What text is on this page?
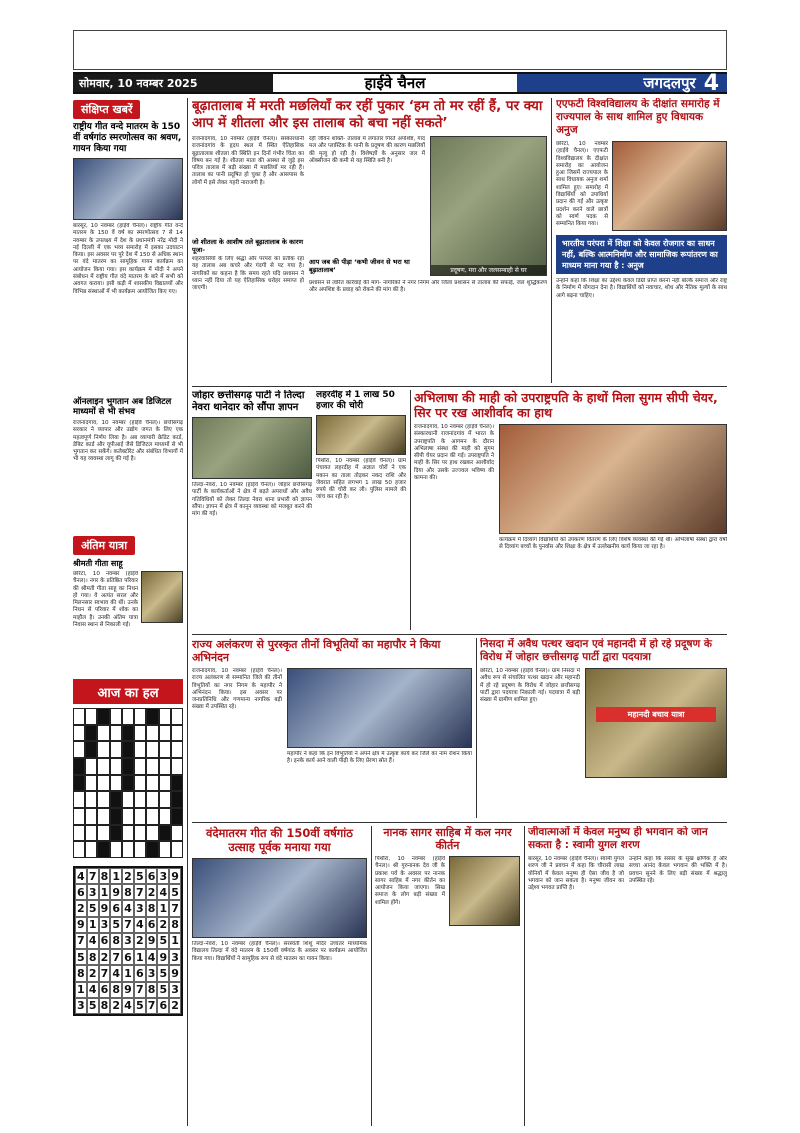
सोमवार, 10 नवम्बर 2025	हाईवे चैनल	जगदलपुर 4
संक्षिप्त खबरें
राष्ट्रीय गीत वन्दे मातरम के 150 वीं वर्षगांठ स्मरणोत्सव का श्रवण, गायन किया गया
बारसूर, 10 नवम्बर (हाईवे चैनल)। राष्ट्रीय गीत वन्दे मातरम के 150 वें वर्ष का स्मरणोत्सव 7 से 14 नवम्बर के उपलक्ष्य में देश के प्रधानमंत्री नरेंद्र मोदी ने नई दिल्ली में एक भव्य समारोह में इसका उदघाटन किया। इस अवसर पर पूरे देश में 150 से अधिक स्थान पर वंदे मातरम का सामूहिक गायन कार्यक्रम का आयोजन किया गया। इस कार्यक्रम में मोदी ने अपने संबोधन में राष्ट्रीय गीत वंदे मातरम के बारे में सभी को अवगत कराया। इसी कड़ी में शासकीय विद्यालयों और विभिन्न संस्थाओं में भी कार्यक्रम आयोजित किए गए।
ऑनलाइन भुगतान अब डिजिटल माध्यमों से भी संभव
राजनांदगांव, 10 नवम्बर (हाईवे चैनल)। छत्तीसगढ़ सरकार ने व्यापार और उद्योग जगत के लिए एक महत्वपूर्ण निर्णय लिया है। अब व्यापारी क्रेडिट कार्ड, डेबिट कार्ड और यूपीआई जैसे डिजिटल माध्यमों से भी भुगतान कर सकेंगे। कलेक्टोरेट और संबंधित विभागों में भी यह व्यवस्था लागू की गई है।
अंतिम यात्रा
श्रीमती गीता साहू
छरिटा, 10 नवम्बर (हाईवे चैनल)। नगर के प्रतिष्ठित परिवार की श्रीमती गीता साहू का निधन हो गया। वे अत्यंत सरल और मिलनसार स्वभाव की थीं। उनके निधन से परिवार में शोक का माहौल है। उनकी अंतिम यात्रा निवास स्थान से निकाली गई।
आज का हल
4 7 8 1 2 5 6 3 9
6 3 1 9 8 7 2 4 5
2 5 9 6 4 3 8 1 7
9 1 3 5 7 4 6 2 8
7 4 6 8 3 2 9 5 1
5 8 2 7 6 1 4 9 3
8 2 7 4 1 6 3 5 9
1 4 6 8 9 7 8 5 3
3 5 8 2 4 5 7 6 2
बूढ़ातालाब में मरती मछलियाँ कर रहीं पुकार ‘हम तो मर रहीं हैं, पर क्या आप में शीतला और इस तालाब को बचा नहीं सकते’
राजनांदगांव, 10 नवम्बर (हाईवे चैनल)। संस्कारधानी राजनांदगांव के हृदय स्थल में स्थित ऐतिहासिक बूढ़ातालाब शीतला की स्थिति इन दिनों गंभीर चिंता का विषय बन गई है। शीतला माता की आस्था से जुड़े इस पवित्र तालाब में बड़ी संख्या में मछलियाँ मर रही हैं। तालाब का पानी प्रदूषित हो चुका है और आसपास के लोगों में इसे लेकर गहरी नाराजगी है।
जो शीतला के आशीष तले बूढ़ातालाब के कारण पूजा-
शहरवासियों के लिए श्रद्धा और परंपरा का प्रतीक रहा यह तालाब अब कचरे और गंदगी से पट गया है। नागरिकों का कहना है कि समय रहते यदि प्रशासन ने ध्यान नहीं दिया तो यह ऐतिहासिक धरोहर समाप्त हो जाएगी।
रही जीवन शक्ति- तालाब में लगातार गिरते अपशिष्ट, गाद मल और प्लास्टिक के पानी के प्रदूषण की कारण मछलियों की मृत्यु हो रही है। विशेषज्ञों के अनुसार जल में ऑक्सीजन की कमी से यह स्थिति बनी है।
आप जब की पीड़ा ‘कभी जीवन से भरा था बूढ़ातालाब’	प्रदूषण, मरा और जलसम्बाही से घर
प्रशासन से त्वरित कार्रवाई की मांग- नागरिकों ने नगर निगम और जिला प्रशासन से तालाब की सफाई, जल शुद्धिकरण और अपशिष्ट के प्रवाह को रोकने की मांग की है।
एएफटी विश्वविद्यालय के दीक्षांत समारोह में राज्यपाल के साथ शामिल हुए विधायक अनुज
छरिटा, 10 नवम्बर (हाईवे चैनल)। एएफटी विश्वविद्यालय के दीक्षांत समारोह का आयोजन हुआ जिसमें राज्यपाल के साथ विधायक अनुज शर्मा शामिल हुए। समारोह में विद्यार्थियों को उपाधियाँ प्रदान की गईं और उत्कृष्ट प्रदर्शन करने वाले छात्रों को स्वर्ण पदक से सम्मानित किया गया।
भारतीय परंपरा में शिक्षा को केवल रोजगार का साधन नहीं, बल्कि आत्मनिर्माण और सामाजिक रूपांतरण का माध्यम माना गया है : अनुज
उन्होंने कहा कि शिक्षा का उद्देश्य केवल डिग्री प्राप्त करना नहीं बल्कि समाज और राष्ट्र के निर्माण में योगदान देना है। विद्यार्थियों को नवाचार, शोध और नैतिक मूल्यों के साथ आगे बढ़ना चाहिए।
जोहार छत्तीसगढ़ पार्टी ने तिल्दा नेवरा थानेदार को सौंपा ज्ञापन
तिल्दा-नेवरा, 10 नवम्बर (हाईवे चैनल)। जोहार छत्तीसगढ़ पार्टी के कार्यकर्ताओं ने क्षेत्र में बढ़ते अपराधों और अवैध गतिविधियों को लेकर तिल्दा नेवरा थाना प्रभारी को ज्ञापन सौंपा। ज्ञापन में क्षेत्र में कानून व्यवस्था को मजबूत करने की मांग की गई।
लहरदीह में 1 लाख 50 हजार की चोरी
पिथौरा, 10 नवम्बर (हाईवे चैनल)। ग्राम पंचायत लहरदीह में अज्ञात चोरों ने एक मकान का ताला तोड़कर नकद राशि और जेवरात सहित लगभग 1 लाख 50 हजार रुपये की चोरी कर ली। पुलिस मामले की जांच कर रही है।
अभिलाषा की माही को उपराष्ट्रपति के हाथों मिला सुगम सीपी चेयर, सिर पर रख आशीर्वाद का हाथ
राजनांदगांव, 10 नवम्बर (हाईवे चैनल)। संस्कारधानी राजनांदगांव में भारत के उपराष्ट्रपति के आगमन के दौरान अभिलाषा संस्था की माही को सुगम सीपी चेयर प्रदान की गई। उपराष्ट्रपति ने माही के सिर पर हाथ रखकर आशीर्वाद दिया और उसके उज्ज्वल भविष्य की कामना की।
कार्यक्रम में दिव्यांग विद्यार्थियों को उपकरण वितरण के लिए विशेष व्यवस्था की गई थी। अभिलाषा संस्था द्वारा वर्षों से दिव्यांग बच्चों के पुनर्वास और शिक्षा के क्षेत्र में उल्लेखनीय कार्य किया जा रहा है।
राज्य अलंकरण से पुरस्कृत तीनों विभूतियों का महापौर ने किया अभिनंदन
राजनांदगांव, 10 नवम्बर (हाईवे चैनल)। राज्य अलंकरण से सम्मानित जिले की तीनों विभूतियों का नगर निगम के महापौर ने अभिनंदन किया। इस अवसर पर जनप्रतिनिधि और गणमान्य नागरिक बड़ी संख्या में उपस्थित रहे।
महापौर ने कहा कि इन विभूतियों ने अपने क्षेत्र में उत्कृष्ट कार्य कर जिले का नाम रोशन किया है। इनके कार्य आने वाली पीढ़ी के लिए प्रेरणा स्रोत हैं।
निसदा में अवैध पत्थर खदान एवं महानदी में हो रहे प्रदूषण के विरोध में जोहार छत्तीसगढ़ पार्टी द्वारा पदयात्रा
छरिटा, 10 नवम्बर (हाईवे चैनल)। ग्राम निसदा में अवैध रूप से संचालित पत्थर खदान और महानदी में हो रहे प्रदूषण के विरोध में जोहार छत्तीसगढ़ पार्टी द्वारा पदयात्रा निकाली गई। पदयात्रा में बड़ी संख्या में ग्रामीण शामिल हुए।
महानदी बचाव यात्रा
वंदेमातरम गीत की 150वीं वर्षगांठ उत्साह पूर्वक मनाया गया
तिल्दा-नेवरा, 10 नवम्बर (हाईवे चैनल)। सरस्वती शिशु मंदिर उच्चतर माध्यमिक विद्यालय तिल्दा में वंदे मातरम के 150वीं वर्षगांठ के अवसर पर कार्यक्रम आयोजित किया गया। विद्यार्थियों ने सामूहिक रूप से वंदे मातरम का गायन किया।
नानक सागर साहिब में कल नगर कीर्तन
पिथौरा, 10 नवम्बर (हाईवे चैनल)। श्री गुरुनानक देव जी के प्रकाश पर्व के अवसर पर नानक सागर साहिब में नगर कीर्तन का आयोजन किया जाएगा। सिख समाज के लोग बड़ी संख्या में शामिल होंगे।
जीवात्माओं में केवल मनुष्य ही भगवान को जान सकता है : स्वामी युगल शरण
बारसूर, 10 नवम्बर (हाईवे चैनल)। स्वामी युगल शरण जी ने प्रवचन में कहा कि चौरासी लाख योनियों में केवल मनुष्य ही ऐसा जीव है जो भगवान को जान सकता है। मनुष्य जीवन का उद्देश्य भगवत प्राप्ति है।
उन्होंने कहा कि संसार के सुख क्षणिक हैं और सच्चा आनंद केवल भगवान की भक्ति में है। प्रवचन सुनने के लिए बड़ी संख्या में श्रद्धालु उपस्थित रहे।
